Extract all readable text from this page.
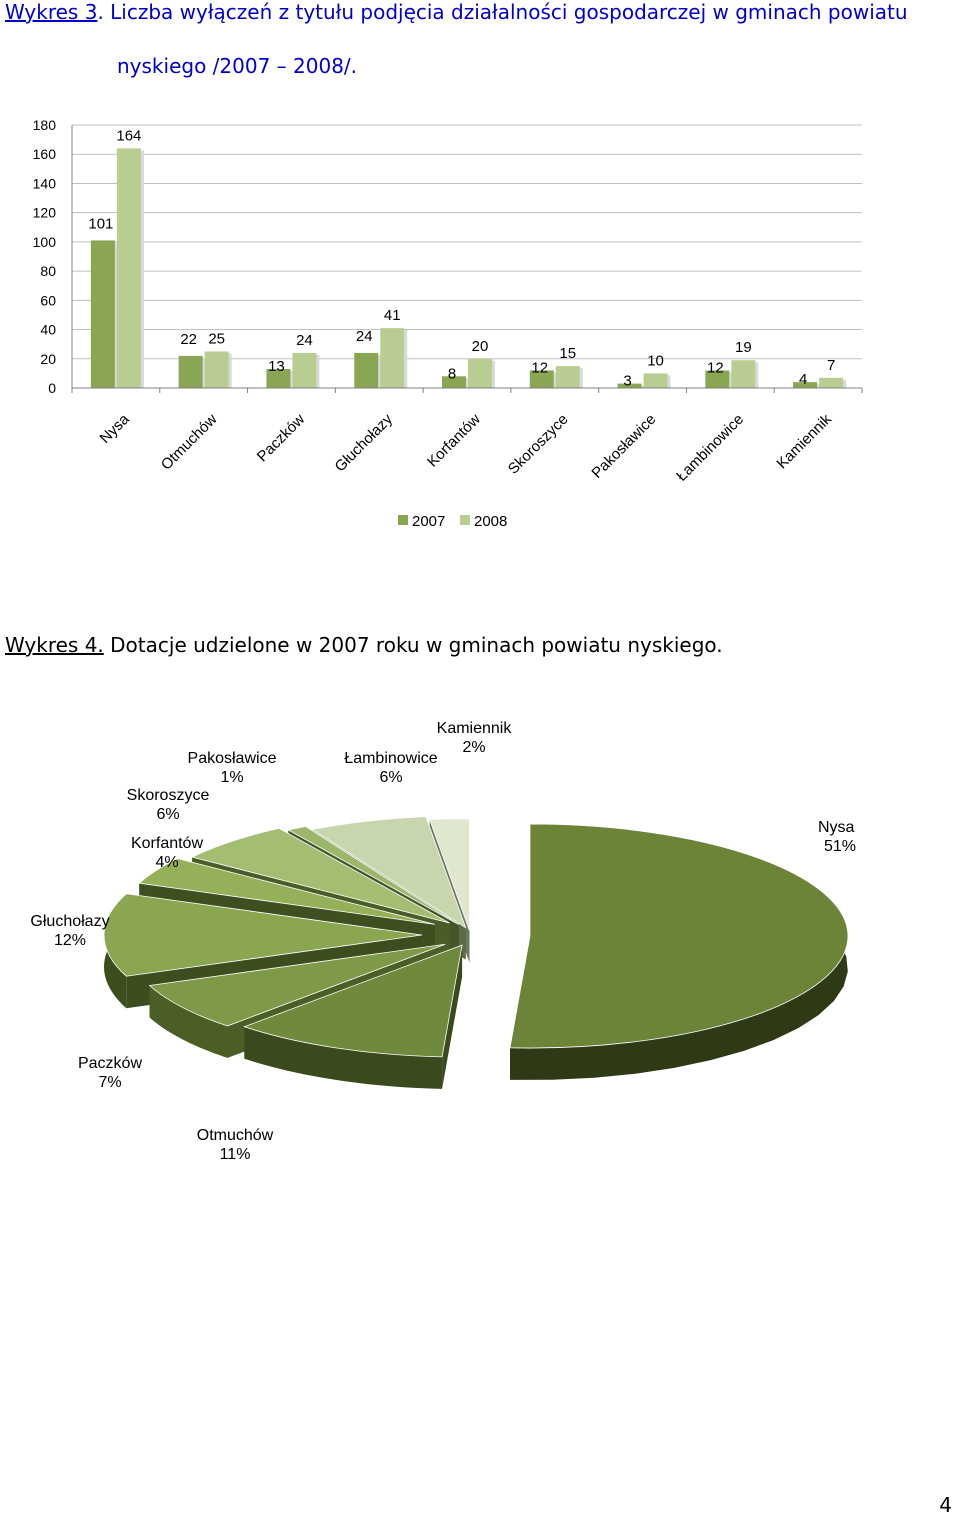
Wykres 3. Liczba wyłączeń z tytułu podjęcia działalności gospodarczej w gminach powiatu

nyskiego /2007 – 2008/.

0
20
40
60
80
100
120
140
160
180
101
164
Nysa
22 25
Otmuchów
13
24
Paczków
24
41
Głuchołazy
8
20
Korfantów
12
15
Skoroszyce
3
10
Pakosławice
12
19
Łambinowice
4
7
Kamiennik
2007 2008
Wykres 4. Dotacje udzielone w 2007 roku w gminach powiatu nyskiego.
Nysa
51%
Otmuchów
11%
Paczków
7%
Głuchołazy
12%
Korfantów
4%
Skoroszyce
6%
Pakosławice
1%
Łambinowice
6%
Kamiennik
2%
4
